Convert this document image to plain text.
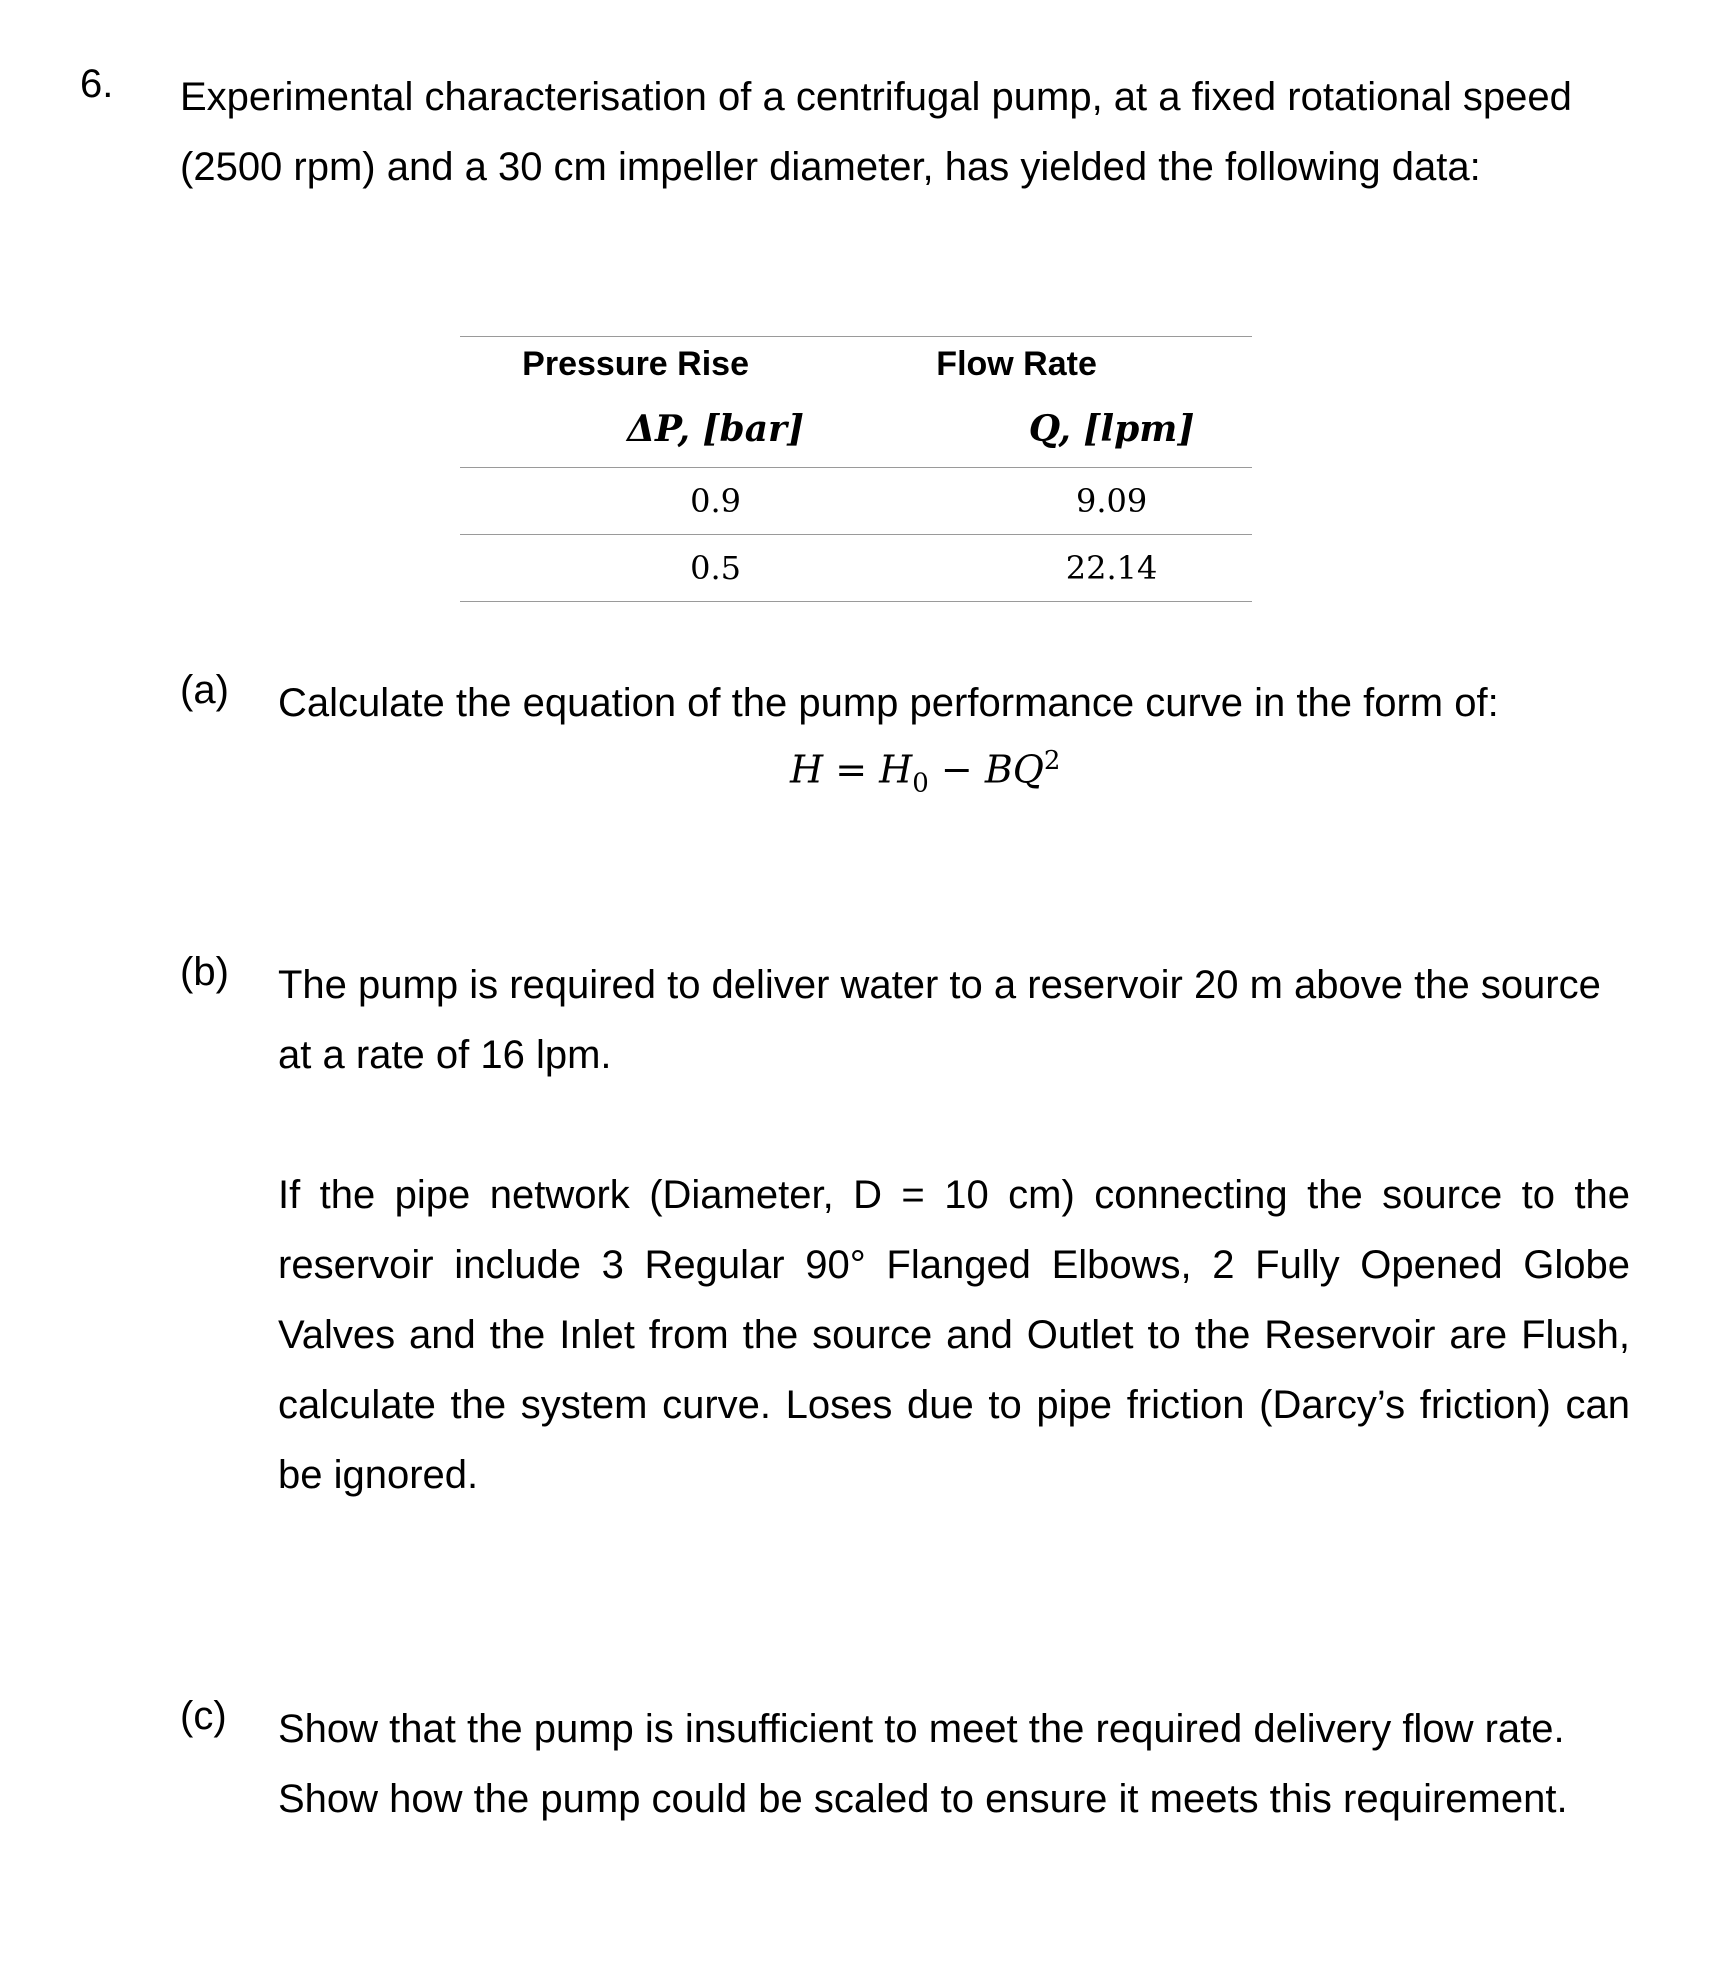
6. Experimental characterisation of a centrifugal pump, at a fixed rotational speed (2500 rpm) and a 30 cm impeller diameter, has yielded the following data:

Pressure Rise	Flow Rate
ΔP, [bar]	Q, [lpm]
0.9	9.09
0.5	22.14
(a) Calculate the equation of the pump performance curve in the form of:

$H = H_0 - BQ^2$
(b) The pump is required to deliver water to a reservoir 20 m above the source at a rate of 16 lpm.

If the pipe network (Diameter, D = 10 cm) connecting the source to the reservoir include 3 Regular 90° Flanged Elbows, 2 Fully Opened Globe Valves and the Inlet from the source and Outlet to the Reservoir are Flush, calculate the system curve. Loses due to pipe friction (Darcy’s friction) can be ignored.

(c) Show that the pump is insufficient to meet the required delivery flow rate. Show how the pump could be scaled to ensure it meets this requirement.
